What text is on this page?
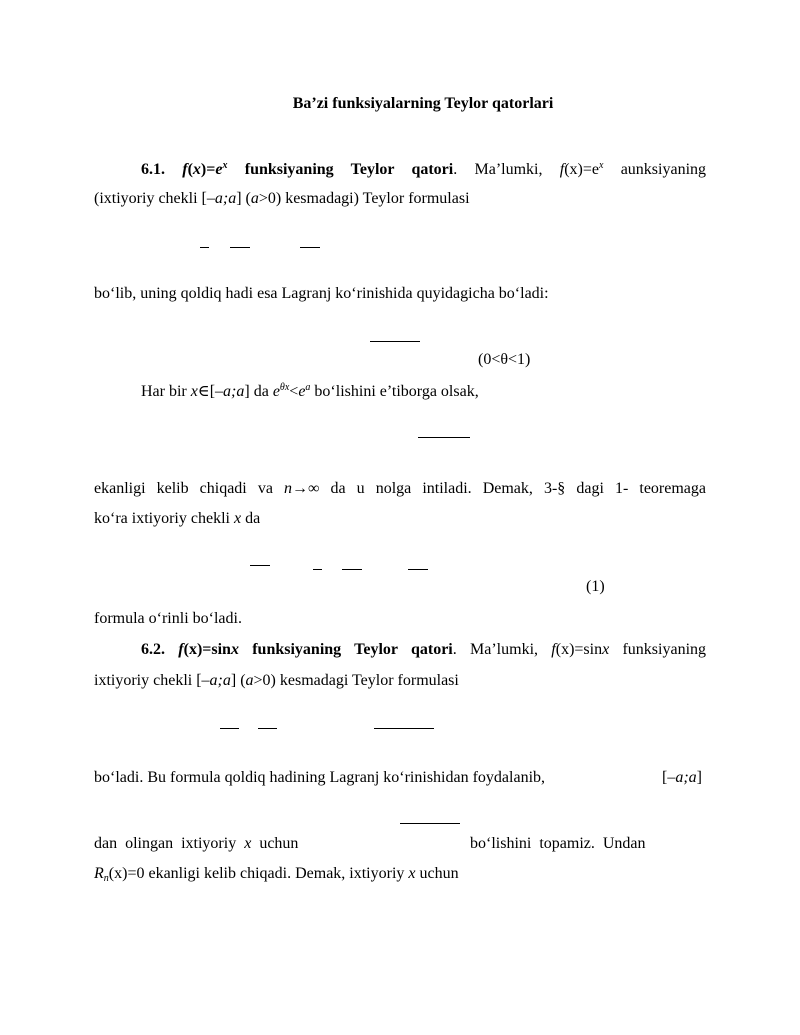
Ba’zi funksiyalarning Teylor qatorlari
6.1. $f(x)=e^x$ funksiyaning Teylor qatori. Ma’lumki, $f(x)=e^x$ aunksiyaning
(ixtiyoriy chekli [–a;a] (a>0) kesmadagi) Teylor formulasi
bo‘lib, uning qoldiq hadi esa Lagranj ko‘rinishida quyidagicha bo‘ladi:
(0<θ<1)
Har bir x∈[–a;a] da $e^{\theta x}<e^a$ bo‘lishini e’tiborga olsak,
ekanligi kelib chiqadi va n→∞ da u nolga intiladi. Demak, 3-§ dagi 1- teoremaga
ko‘ra ixtiyoriy chekli x da
(1)
formula o‘rinli bo‘ladi.
6.2. f(x)=sinx funksiyaning Teylor qatori. Ma’lumki, f(x)=sinx funksiyaning
ixtiyoriy chekli [–a;a] (a>0) kesmadagi Teylor formulasi
bo‘ladi. Bu formula qoldiq hadining Lagranj ko‘rinishidan foydalanib,	[–a;a]
dan olingan ixtiyoriy x uchun	bo‘lishini topamiz. Undan
$R_n(x)=0$ ekanligi kelib chiqadi. Demak, ixtiyoriy x uchun
